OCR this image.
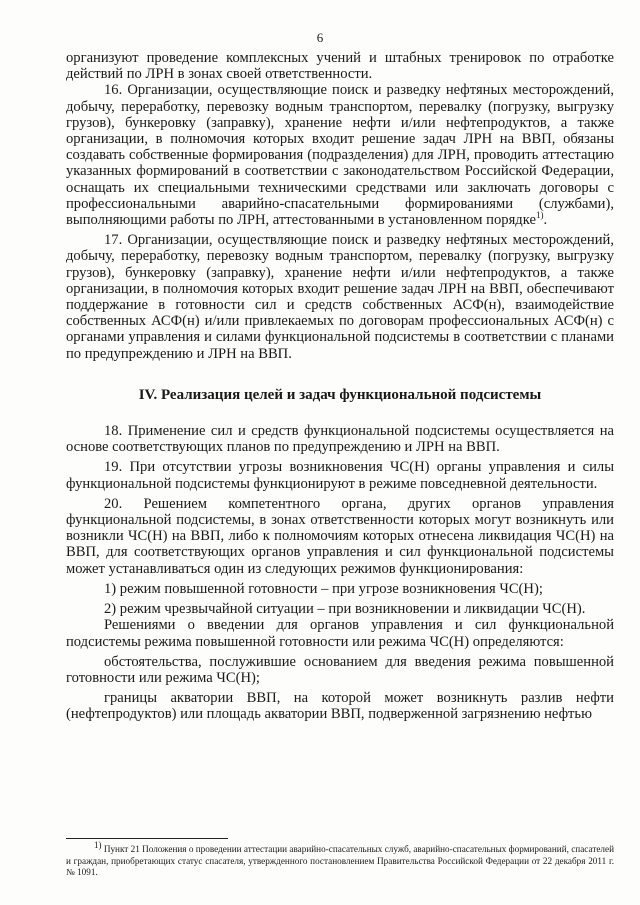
6

организуют проведение комплексных учений и штабных тренировок по отработке действий по ЛРН в зонах своей ответственности.

16. Организации, осуществляющие поиск и разведку нефтяных месторождений, добычу, переработку, перевозку водным транспортом, перевалку (погрузку, выгрузку грузов), бункеровку (заправку), хранение нефти и/или нефтепродуктов, а также организации, в полномочия которых входит решение задач ЛРН на ВВП, обязаны создавать собственные формирования (подразделения) для ЛРН, проводить аттестацию указанных формирований в соответствии с законодательством Российской Федерации, оснащать их специальными техническими средствами или заключать договоры с профессиональными аварийно-спасательными формированиями (службами), выполняющими работы по ЛРН, аттестованными в установленном порядке$^{1)}$.

17. Организации, осуществляющие поиск и разведку нефтяных месторождений, добычу, переработку, перевозку водным транспортом, перевалку (погрузку, выгрузку грузов), бункеровку (заправку), хранение нефти и/или нефтепродуктов, а также организации, в полномочия которых входит решение задач ЛРН на ВВП, обеспечивают поддержание в готовности сил и средств собственных АСФ(н), взаимодействие собственных АСФ(н) и/или привлекаемых по договорам профессиональных АСФ(н) с органами управления и силами функциональной подсистемы в соответствии с планами по предупреждению и ЛРН на ВВП.

IV. Реализация целей и задач функциональной подсистемы

18. Применение сил и средств функциональной подсистемы осуществляется на основе соответствующих планов по предупреждению и ЛРН на ВВП.

19. При отсутствии угрозы возникновения ЧС(Н) органы управления и силы функциональной подсистемы функционируют в режиме повседневной деятельности.

20. Решением компетентного органа, других органов управления функциональной подсистемы, в зонах ответственности которых могут возникнуть или возникли ЧС(Н) на ВВП, либо к полномочиям которых отнесена ликвидация ЧС(Н) на ВВП, для соответствующих органов управления и сил функциональной подсистемы может устанавливаться один из следующих режимов функционирования:

1) режим повышенной готовности – при угрозе возникновения ЧС(Н);

2) режим чрезвычайной ситуации – при возникновении и ликвидации ЧС(Н).

Решениями о введении для органов управления и сил функциональной подсистемы режима повышенной готовности или режима ЧС(Н) определяются:

обстоятельства, послужившие основанием для введения режима повышенной готовности или режима ЧС(Н);

границы акватории ВВП, на которой может возникнуть разлив нефти (нефтепродуктов) или площадь акватории ВВП, подверженной загрязнению нефтью

$^{1)}$ Пункт 21 Положения о проведении аттестации аварийно-спасательных служб, аварийно-спасательных формирований, спасателей и граждан, приобретающих статус спасателя, утвержденного постановлением Правительства Российской Федерации от 22 декабря 2011 г. № 1091.
